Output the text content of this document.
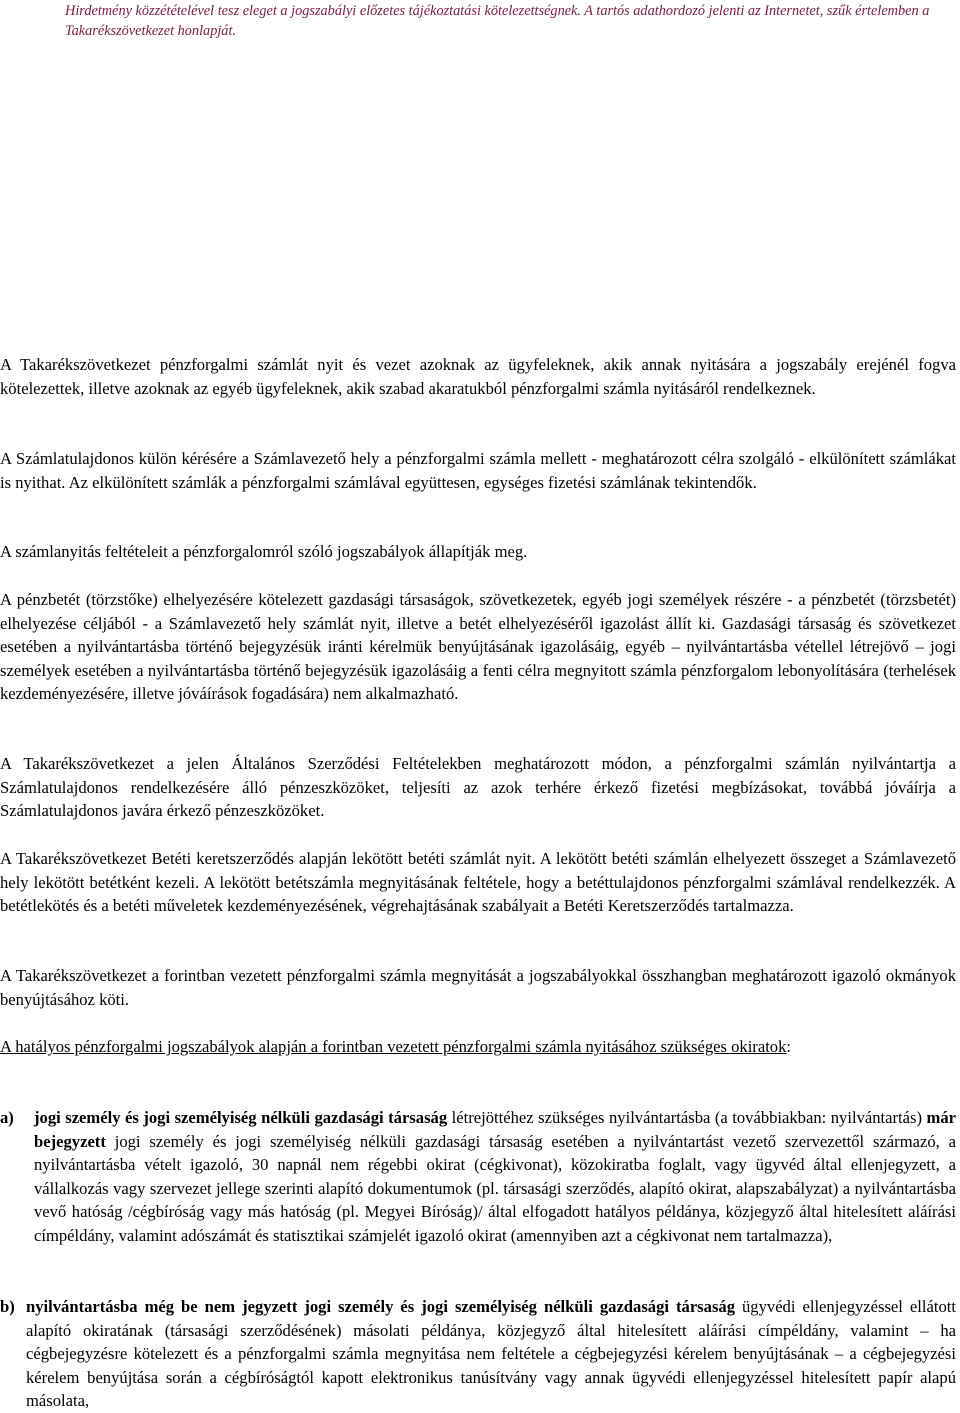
Hirdetmény közzétételével tesz eleget a jogszabályi előzetes tájékoztatási kötelezettségnek. A tartós adathordozó jelenti az Internetet, szűk értelemben a Takarékszövetkezet honlapját.

A Takarékszövetkezet pénzforgalmi számlát nyit és vezet azoknak az ügyfeleknek, akik annak nyitására a jogszabály erejénél fogva kötelezettek, illetve azoknak az egyéb ügyfeleknek, akik szabad akaratukból pénzforgalmi számla nyitásáról rendelkeznek.

A Számlatulajdonos külön kérésére a Számlavezető hely a pénzforgalmi számla mellett - meghatározott célra szolgáló - elkülönített számlákat is nyithat. Az elkülönített számlák a pénzforgalmi számlával együttesen, egységes fizetési számlának tekintendők.

A számlanyitás feltételeit a pénzforgalomról szóló jogszabályok állapítják meg.

A pénzbetét (törzstőke) elhelyezésére kötelezett gazdasági társaságok, szövetkezetek, egyéb jogi személyek részére - a pénzbetét (törzsbetét) elhelyezése céljából - a Számlavezető hely számlát nyit, illetve a betét elhelyezéséről igazolást állít ki. Gazdasági társaság és szövetkezet esetében a nyilvántartásba történő bejegyzésük iránti kérelmük benyújtásának igazolásáig, egyéb – nyilvántartásba vétellel létrejövő – jogi személyek esetében a nyilvántartásba történő bejegyzésük igazolásáig a fenti célra megnyitott számla pénzforgalom lebonyolítására (terhelések kezdeményezésére, illetve jóváírások fogadására) nem alkalmazható.

A Takarékszövetkezet a jelen Általános Szerződési Feltételekben meghatározott módon, a pénzforgalmi számlán nyilvántartja a Számlatulajdonos rendelkezésére álló pénzeszközöket, teljesíti az azok terhére érkező fizetési megbízásokat, továbbá jóváírja a Számlatulajdonos javára érkező pénzeszközöket.

A Takarékszövetkezet Betéti keretszerződés alapján lekötött betéti számlát nyit. A lekötött betéti számlán elhelyezett összeget a Számlavezető hely lekötött betétként kezeli. A lekötött betétszámla megnyitásának feltétele, hogy a betéttulajdonos pénzforgalmi számlával rendelkezzék. A betétlekötés és a betéti műveletek kezdeményezésének, végrehajtásának szabályait a Betéti Keretszerződés tartalmazza.

A Takarékszövetkezet a forintban vezetett pénzforgalmi számla megnyitását a jogszabályokkal összhangban meghatározott igazoló okmányok benyújtásához köti.

A hatályos pénzforgalmi jogszabályok alapján a forintban vezetett pénzforgalmi számla nyitásához szükséges okiratok:

a) jogi személy és jogi személyiség nélküli gazdasági társaság létrejöttéhez szükséges nyilvántartásba (a továbbiakban: nyilvántartás) már bejegyzett jogi személy és jogi személyiség nélküli gazdasági társaság esetében a nyilvántartást vezető szervezettől származó, a nyilvántartásba vételt igazoló, 30 napnál nem régebbi okirat (cégkivonat), közokiratba foglalt, vagy ügyvéd által ellenjegyzett, a vállalkozás vagy szervezet jellege szerinti alapító dokumentumok (pl. társasági szerződés, alapító okirat, alapszabályzat) a nyilvántartásba vevő hatóság /cégbíróság vagy más hatóság (pl. Megyei Bíróság)/ által elfogadott hatályos példánya, közjegyző által hitelesített aláírási címpéldány, valamint adószámát és statisztikai számjelét igazoló okirat (amennyiben azt a cégkivonat nem tartalmazza),
b) nyilvántartásba még be nem jegyzett jogi személy és jogi személyiség nélküli gazdasági társaság ügyvédi ellenjegyzéssel ellátott alapító okiratának (társasági szerződésének) másolati példánya, közjegyző által hitelesített aláírási címpéldány, valamint – ha cégbejegyzésre kötelezett és a pénzforgalmi számla megnyitása nem feltétele a cégbejegyzési kérelem benyújtásának – a cégbejegyzési kérelem benyújtása során a cégbíróságtól kapott elektronikus tanúsítvány vagy annak ügyvédi ellenjegyzéssel hitelesített papír alapú másolata,
